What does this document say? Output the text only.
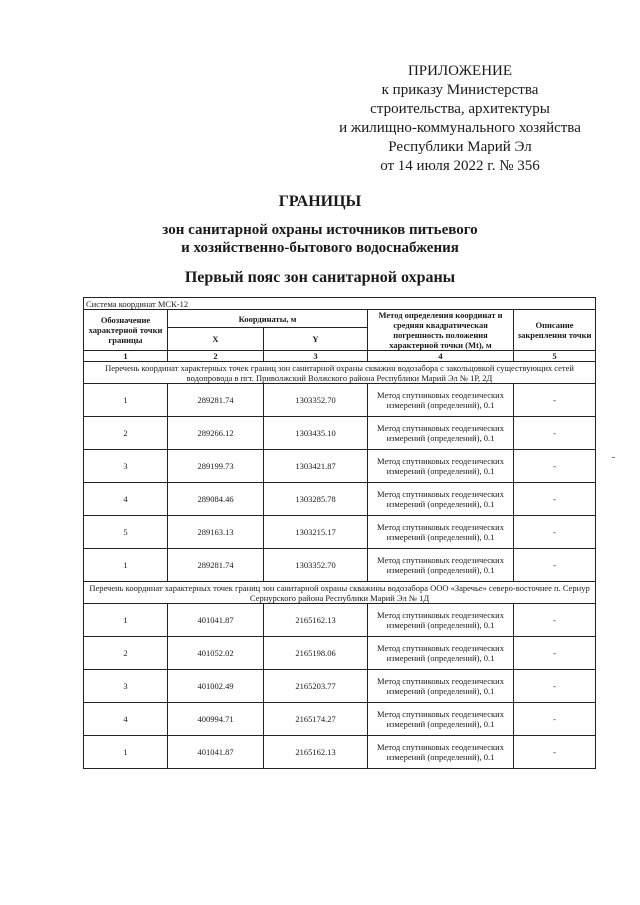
ПРИЛОЖЕНИЕ
к приказу Министерства
строительства, архитектуры
и жилищно-коммунального хозяйства
Республики Марий Эл
от 14 июля 2022 г. № 356
ГРАНИЦЫ
зон санитарной охраны источников питьевого
и хозяйственно-бытового водоснабжения
Первый пояс зон санитарной охраны
Система координат МСК-12				
Обозначение характерной точки границы	Координаты, м		Метод определения координат и средняя квадратическая погрешность положения характерной точки (Mt), м	Описание закрепления точки
	X	Y		
1	2	3	4	5
Перечень координат характерных точек границ зон санитарной охраны скважин водозабора с закольцовкой существующих сетей водопровода в пгт. Приволжский Волжского района Республики Марий Эл № 1Р, 2Д				
1	289281.74	1303352.70	Метод спутниковых геодезических измерений (определений), 0.1	-
2	289266.12	1303435.10	Метод спутниковых геодезических измерений (определений), 0.1	-
3	289199.73	1303421.87	Метод спутниковых геодезических измерений (определений), 0.1	-
4	289084.46	1303285.78	Метод спутниковых геодезических измерений (определений), 0.1	-
5	289163.13	1303215.17	Метод спутниковых геодезических измерений (определений), 0.1	-
1	289281.74	1303352.70	Метод спутниковых геодезических измерений (определений), 0.1	-
Перечень координат характерных точек границ зон санитарной охраны скважины водозабора ООО «Заречье» северо-восточнее п. Сернур Сернурского района Республики Марий Эл № 1Д				
1	401041.87	2165162.13	Метод спутниковых геодезических измерений (определений), 0.1	-
2	401052.02	2165198.06	Метод спутниковых геодезических измерений (определений), 0.1	-
3	401002.49	2165203.77	Метод спутниковых геодезических измерений (определений), 0.1	-
4	400994.71	2165174.27	Метод спутниковых геодезических измерений (определений), 0.1	-
1	401041.87	2165162.13	Метод спутниковых геодезических измерений (определений), 0.1	-
